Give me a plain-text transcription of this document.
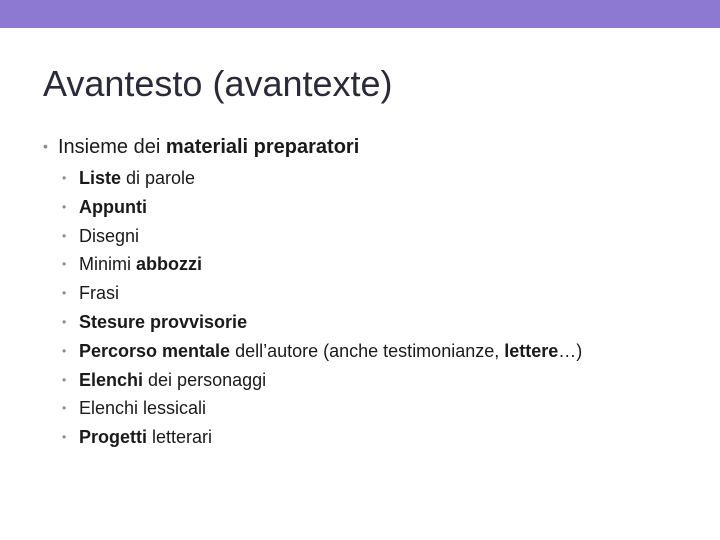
Avantesto (avantexte)
• Insieme dei materiali preparatori
• Liste di parole
• Appunti
• Disegni
• Minimi abbozzi
• Frasi
• Stesure provvisorie
• Percorso mentale dell’autore (anche testimonianze, lettere…)
• Elenchi dei personaggi
• Elenchi lessicali
• Progetti letterari
